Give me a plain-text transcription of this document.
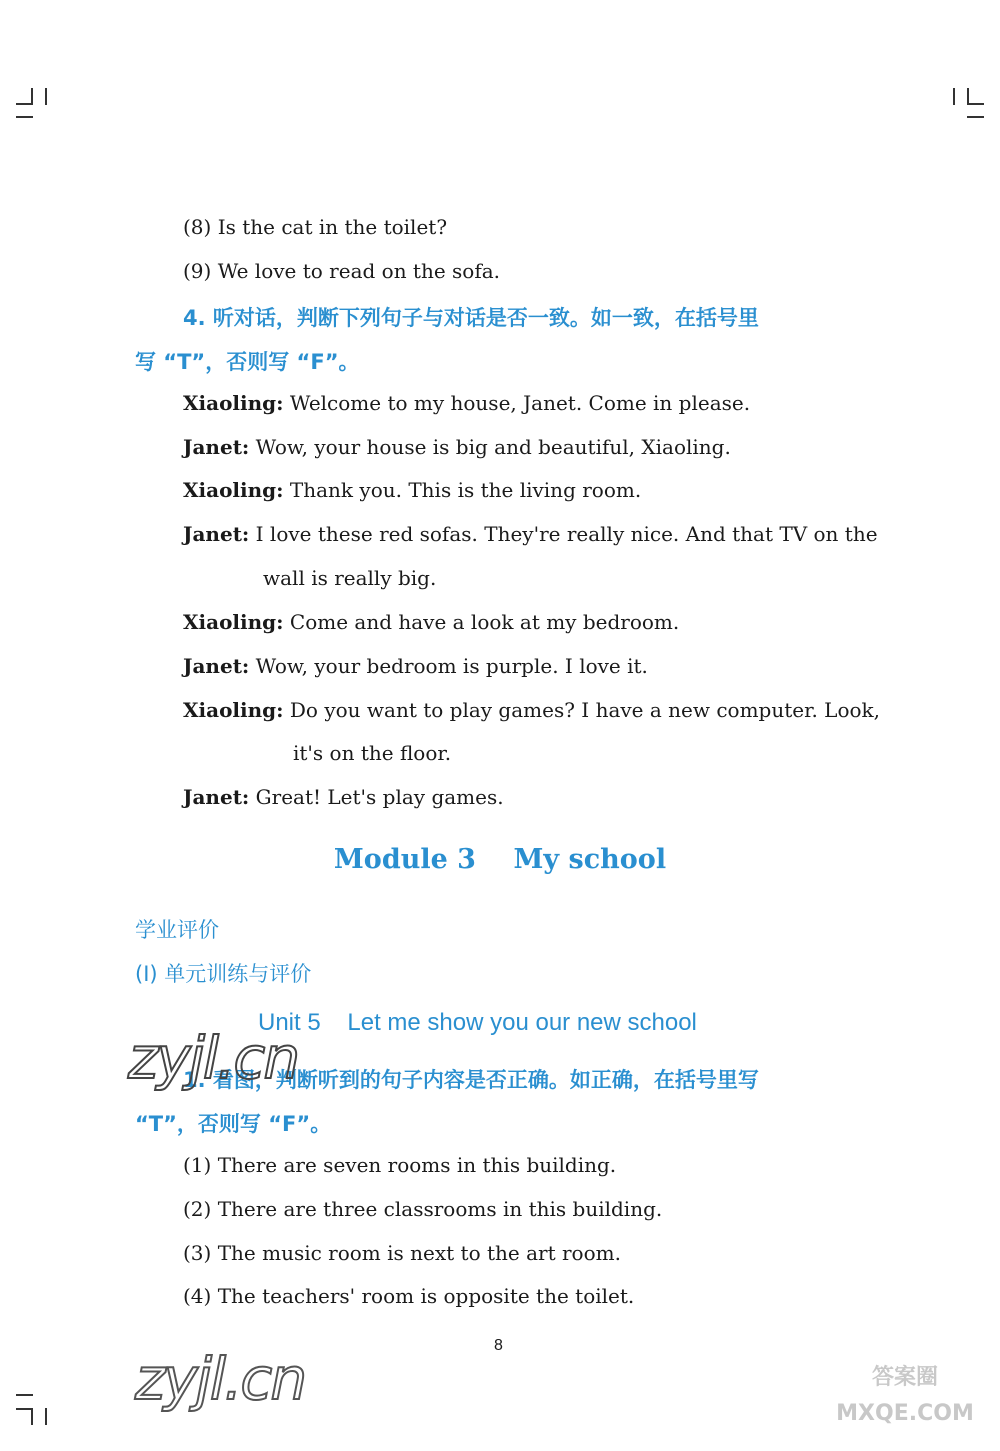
(8) Is the cat in the toilet?
(9) We love to read on the sofa.
4. 听对话，判断下列句子与对话是否一致。如一致，在括号里
写 “T”，否则写 “F”。
Xiaoling: Welcome to my house, Janet. Come in please.
Janet: Wow, your house is big and beautiful, Xiaoling.
Xiaoling: Thank you. This is the living room.
Janet: I love these red sofas. They're really nice. And that TV on the
wall is really big.
Xiaoling: Come and have a look at my bedroom.
Janet: Wow, your bedroom is purple. I love it.
Xiaoling: Do you want to play games? I have a new computer. Look,
it's on the floor.
Janet: Great! Let's play games.
Module 3    My school
学业评价
(Ⅰ) 单元训练与评价
Unit 5    Let me show you our new school
1. 看图，判断听到的句子内容是否正确。如正确，在括号里写
“T”，否则写 “F”。
zyjl.cn
(1) There are seven rooms in this building.
(2) There are three classrooms in this building.
(3) The music room is next to the art room.
(4) The teachers' room is opposite the toilet.
8
zyjl.cn	答案圈 MXQE.COM
